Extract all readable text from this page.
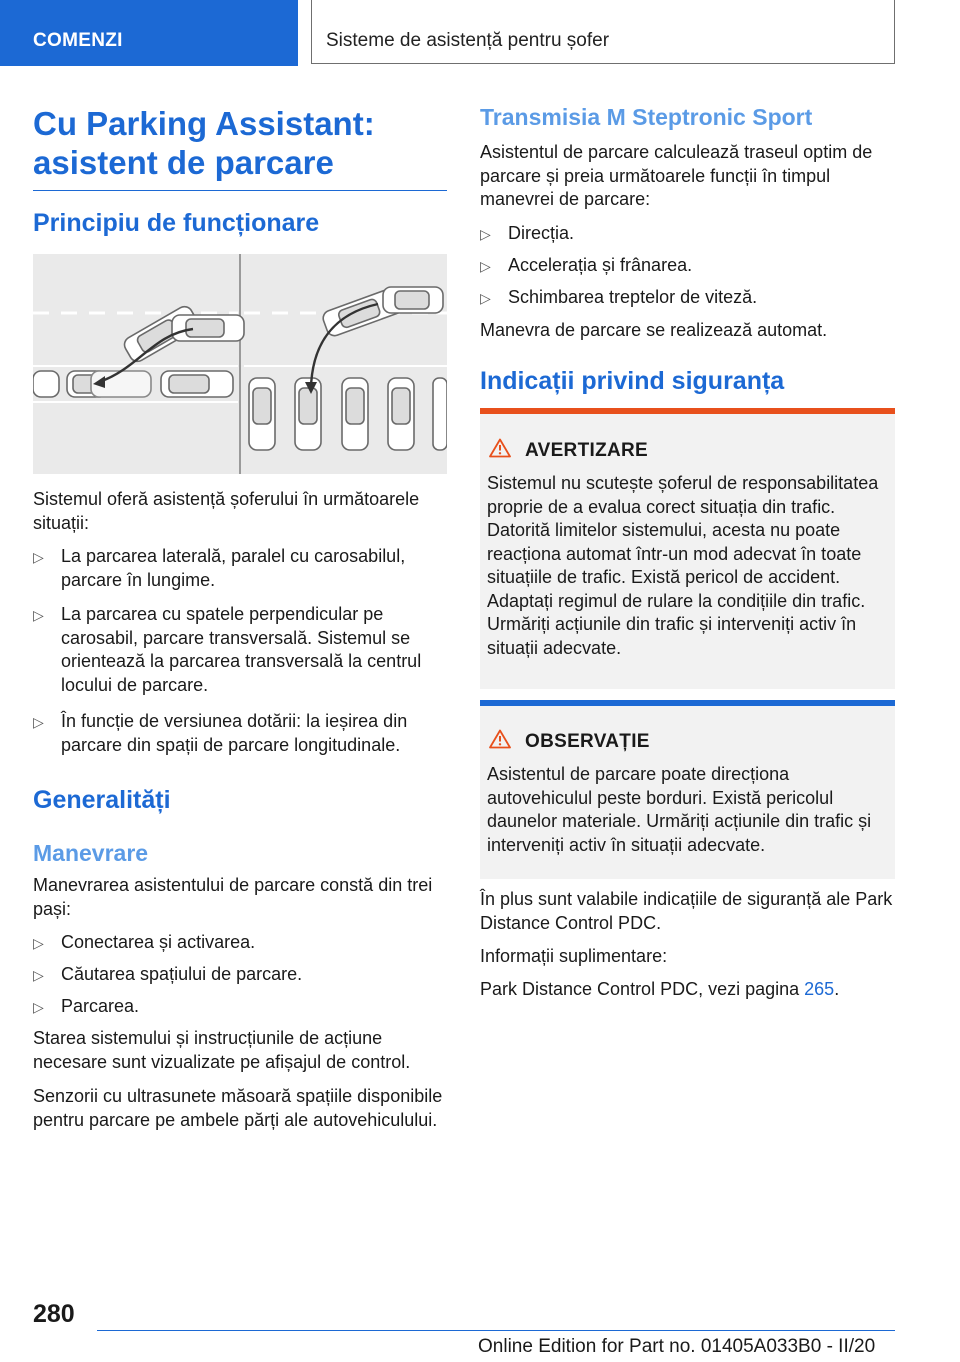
COMENZI	Sisteme de asistență pentru șofer
Cu Parking Assistant: asistent de parcare
Principiu de funcționare

Sistemul oferă asistență șoferului în următoarele situații:

▷ La parcarea laterală, paralel cu carosabilul, parcare în lungime.
▷ La parcarea cu spatele perpendicular pe carosabil, parcare transversală. Sistemul se orientează la parcarea transversală la centrul locului de parcare.
▷ În funcție de versiunea dotării: la ieșirea din parcare din spații de parcare longitudinale.
Generalități
Manevrare

Manevrarea asistentului de parcare constă din trei pași:

▷ Conectarea și activarea.
▷ Căutarea spațiului de parcare.
▷ Parcarea.

Starea sistemului și instrucțiunile de acțiune necesare sunt vizualizate pe afișajul de control.

Senzorii cu ultrasunete măsoară spațiile disponibile pentru parcare pe ambele părți ale autovehiculului.

Transmisia M Steptronic Sport

Asistentul de parcare calculează traseul optim de parcare și preia următoarele funcții în timpul manevrei de parcare:

▷ Direcția.
▷ Accelerația și frânarea.
▷ Schimbarea treptelor de viteză.

Manevra de parcare se realizează automat.

Indicații privind siguranța
AVERTIZARE
Sistemul nu scutește șoferul de responsabilitatea proprie de a evalua corect situația din trafic. Datorită limitelor sistemului, acesta nu poate reacționa automat într-un mod adecvat în toate situațiile de trafic. Există pericol de accident. Adaptați regimul de rulare la condițiile din trafic. Urmăriți acțiunile din trafic și interveniți activ în situații adecvate.
OBSERVAȚIE
Asistentul de parcare poate direcționa autovehiculul peste borduri. Există pericolul daunelor materiale. Urmăriți acțiunile din trafic și interveniți activ în situații adecvate.

În plus sunt valabile indicațiile de siguranță ale Park Distance Control PDC.

Informații suplimentare:

Park Distance Control PDC, vezi pagina 265.

280
Online Edition for Part no. 01405A033B0 - II/20
